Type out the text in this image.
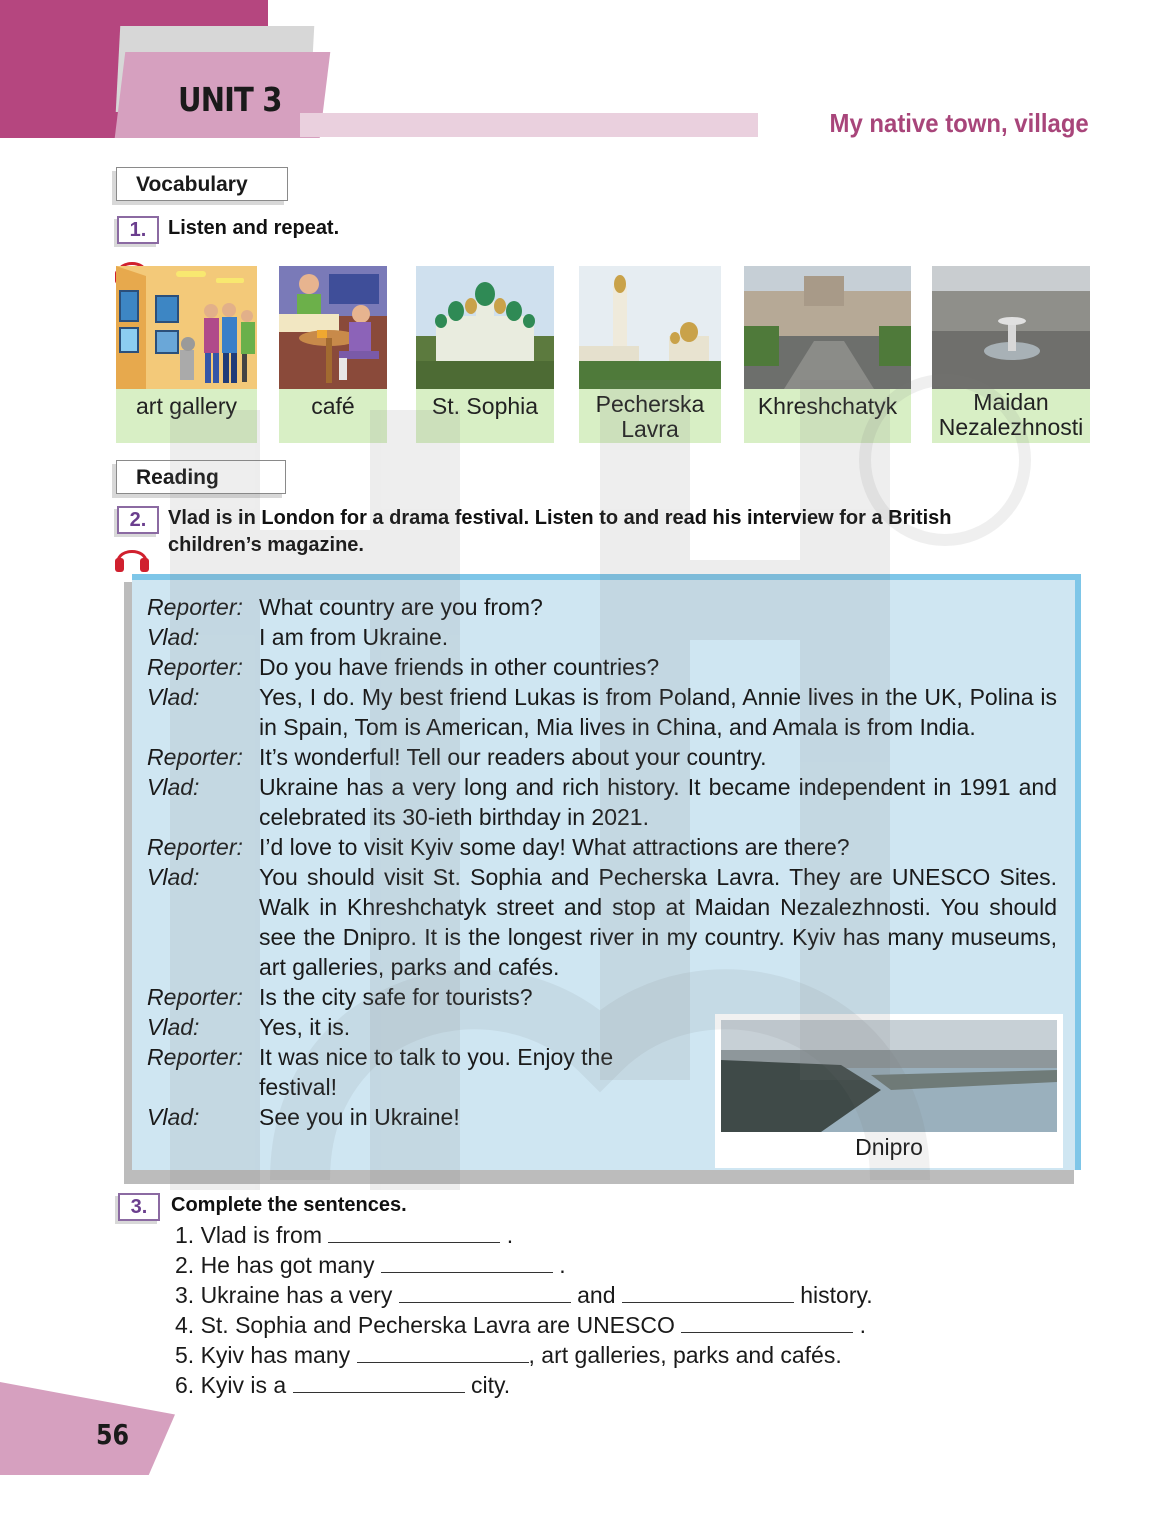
UNIT 3
My native town, village
Vocabulary
1.	Listen and repeat.
art gallery	café	St. Sophia	Pecherska
Lavra
Khreshchatyk	Maidan
Nezalezhnosti
Reading
2.	Vlad is in London for a drama festival. Listen to and read his interview for a British
children’s magazine.
Reporter: What country are you from?
Vlad:	I am from Ukraine.
Reporter: Do you have friends in other countries?
Vlad:	Yes, I do. My best friend Lukas is from Poland, Annie lives in the UK, Polina is in Spain, Tom is American, Mia lives in China, and Amala is from India.
Reporter: It’s wonderful! Tell our readers about your country.
Vlad:	Ukraine has a very long and rich history. It became independent in 1991 and celebrated its 30-ieth birthday in 2021.
Reporter: I’d love to visit Kyiv some day! What attractions are there?
Vlad:	You should visit St. Sophia and Pecherska Lavra. They are UNESCO Sites. Walk in Khreshchatyk street and stop at Maidan Nezalezhnosti. You should see the Dnipro. It is the longest river in my country. Kyiv has many museums, art galleries, parks and cafés.
Reporter: Is the city safe for tourists?
Vlad:	Yes, it is.
Reporter: It was nice to talk to you. Enjoy the festival!
Vlad:	See you in Ukraine!
Dnipro
3.	Complete the sentences.
1. Vlad is from	.
2. He has got many	.
3. Ukraine has a very	and	history.
4. St. Sophia and Pecherska Lavra are UNESCO	.
5. Kyiv has many	, art galleries, parks and cafés.
6. Kyiv is a	city.
56
